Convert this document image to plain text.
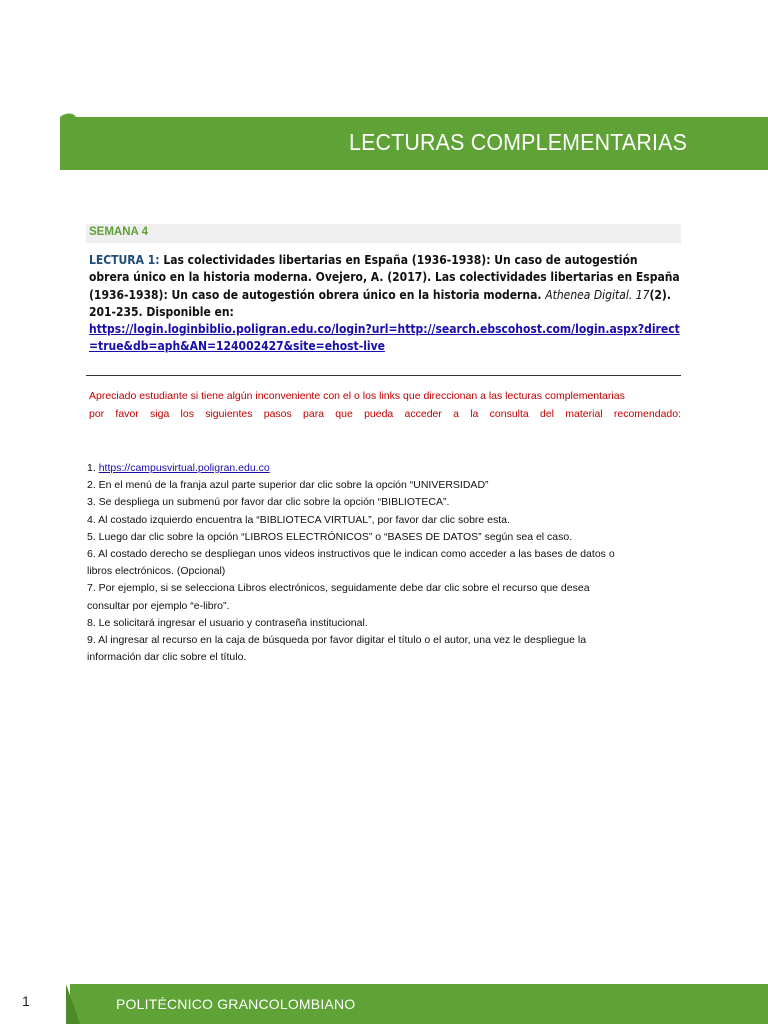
2	LECTURAS COMPLEMENTARIAS
SEMANA 4
LECTURA 1: Las colectividades libertarias en España (1936-1938): Un caso de autogestión obrera único en la historia moderna. Ovejero, A. (2017). Las colectividades libertarias en España (1936-1938): Un caso de autogestión obrera único en la historia moderna. Athenea Digital. 17(2). 201-235. Disponible en:
https://login.loginbiblio.poligran.edu.co/login?url=http://search.ebscohost.com/login.aspx?direct=true&db=aph&AN=124002427&site=ehost-live
Apreciado estudiante si tiene algún inconveniente con el o los links que direccionan a las lecturas complementarias
por favor siga los siguientes pasos para que pueda acceder a la consulta del material recomendado:
1. https://campusvirtual.poligran.edu.co
2. En el menú de la franja azul parte superior dar clic sobre la opción “UNIVERSIDAD”
3. Se despliega un submenú por favor dar clic sobre la opción “BIBLIOTECA”.
4. Al costado izquierdo encuentra la “BIBLIOTECA VIRTUAL”, por favor dar clic sobre esta.
5. Luego dar clic sobre la opción “LIBROS ELECTRÓNICOS” o “BASES DE DATOS” según sea el caso.
6. Al costado derecho se despliegan unos videos instructivos que le indican como acceder a las bases de datos o
libros electrónicos. (Opcional)
7. Por ejemplo, si se selecciona Libros electrónicos, seguidamente debe dar clic sobre el recurso que desea
consultar por ejemplo “e-libro”.
8. Le solicitará ingresar el usuario y contraseña institucional.
9. Al ingresar al recurso en la caja de búsqueda por favor digitar el título o el autor, una vez le despliegue la
información dar clic sobre el título.
1	POLITÉCNICO GRANCOLOMBIANO
